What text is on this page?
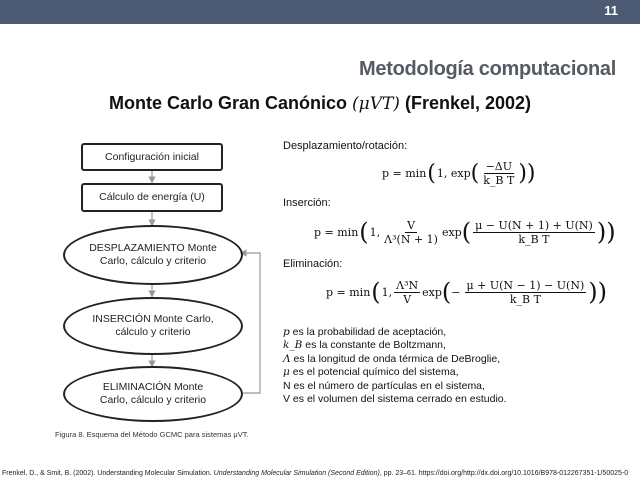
11
Metodología computacional
Monte Carlo Gran Canónico (μVT) (Frenkel, 2002)
Configuración inicial
Cálculo de energía (U)
DESPLAZAMIENTO Monte Carlo, cálculo y criterio
INSERCIÓN Monte Carlo, cálculo y criterio
ELIMINACIÓN Monte Carlo, cálculo y criterio
Figura 8. Esquema del Método GCMC para sistemas μVT.
Desplazamiento/rotación:
p = min ( 1, exp ( $\frac{-\Delta U}{\text{k\_B T}}$ ))
Inserción:
p = min ( 1, $\frac{V}{\text{Λ³(N + 1)}}$ exp ( $\frac{\mu - U(N + 1) + U(N)}{\text{k\_B T}}$ ))
Eliminación:
p = min ( 1, $\frac{\text{Λ³N}}{V}$ exp ( − $\frac{\mu + U(N - 1) - U(N)}{\text{k\_B T}}$ ))
p es la probabilidad de aceptación,
k_B es la constante de Boltzmann,
Λ es la longitud de onda térmica de DeBroglie,
μ es el potencial químico del sistema,
N es el número de partículas en el sistema,
V es el volumen del sistema cerrado en estudio.
Frenkel, D., & Smit, B. (2002). Understanding Molecular Simulation. Understanding Molecular Simulation (Second Edition), pp. 23–61. https://doi.org/http://dx.doi.org/10.1016/B978-012267351-1/50025-0
